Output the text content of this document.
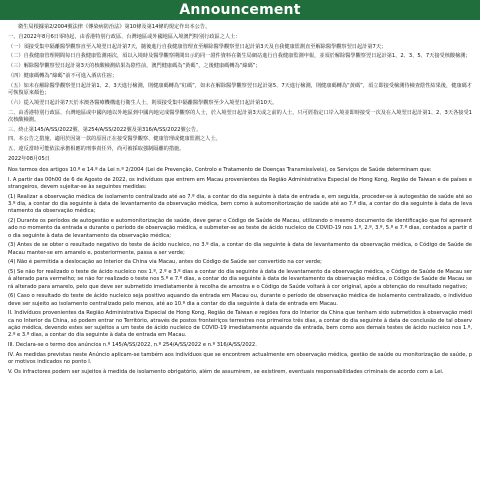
Announcement

衛生局根據第2/2004號法律《傳染病防治法》第10條及第14條的規定作出本公告。

一、自2022年8月6日零時起，由香港特別行政區、台灣地區或外國地區入境澳門特別行政區之人士：

（一）須接受集中隔離醫學觀察直至入境翌日起計第7天，隨後進行自我健康管理直至解除醫學觀察翌日起計第3天及自我健康監測直至解除醫學觀察翌日起計第7天；

（二）自我健康管理期間每日自我健康監測兩次，須以入境時及醫學觀察期間出示的同一證件資料在衛生局網站進行自我健康監測申報，並須於解除醫學觀察翌日起計第1、2、3、5、7天接受核酸檢測；

（三）解除醫學觀察翌日起計第3天的核酸檢測結果為陰性前，澳門健康碼為“黃碼”，之後健康碼轉為“綠碼”；

（四）健康碼轉為“綠碼”前不可進入酒店住宿；

（五）如未在解除醫學觀察翌日起計第1、2、3天進行檢測，則健康碼轉為“紅碼”，如未在解除醫學觀察翌日起計第5、7天進行檢測，則健康碼轉為“黃碼”，須立即接受檢測待檢查陰性結果後，健康碼才可恢復原來顏色；

（六）從入境翌日起計第7天於本澳各醫療機構進行衛生人士，則須接受集中隔離醫學觀察至少入境翌日起計第10天。

二、由香港特別行政區、台灣地區或中國內地以外地區到中國內地完成醫學觀察的人士，於入境翌日起計第3天或之前的人士，只可經指定口岸入境並即時接受一次及在入境翌日起計第1、2、3天各接受1次核酸檢測。

三、終止第145/A/SS/2022號、第254/A/SS/2022號及第316/A/SS/2022號公告。

四、本公告之措施，適用於因第一款的原因正在接受醫學觀察、健康管理或健康監測之人士。

五、違反當時可能依法承擔相應的刑事責任外，尚可被採取強制隔離的措施。

2022年08月05日

Nos termos dos artigos 10.º e 14.º da Lei n.º 2/2004 (Lei de Prevenção, Controlo e Tratamento de Doenças Transmissíveis), os Serviços de Saúde determinam que:

I. A partir das 00h00 de 6 de Agosto de 2022, os indivíduos que entrem em Macau provenientes da Região Administrativa Especial de Hong Kong, Região de Taiwan e de países estrangeiros, devem sujeitar-se às seguintes medidas:

(1) Realizar a observação médica de isolamento centralizado até ao 7.º dia, a contar do dia seguinte à data de entrada e, em seguida, proceder-se à autogestão de saúde até ao 3.º dia, a contar do dia seguinte à data de levantamento da observação médica, bem como à automonitorização de saúde até ao 7.º dia, a contar do dia seguinte à data de levantamento da observação médica;

(2) Durante os períodos de autogestão e automonitorização de saúde, deve gerar o Código de Saúde de Macau, utilizando o mesmo documento de identificação que foi apresentado no momento da entrada e durante o período de observação médica, e submeter-se ao teste de ácido nucleico de COVID-19 nos 1.º, 2.º, 3.º, 5.º e 7.º dias, contados a partir do dia seguinte à data de levantamento da observação médica;

(3) Antes de se obter o resultado negativo do teste de ácido nucleico, no 3.º dia, a contar do dia seguinte à data de levantamento da observação médica, o Código de Saúde de Macau manter-se em amarelo e, posteriormente, passa a ser verde;

(4) Não é permitida a deslocação ao Interior da China via Macau, antes do Código de Saúde ser convertido na cor verde;

(5) Se não for realizado o teste de ácido nucleico nos 1.º, 2.º e 3.º dias a contar do dia seguinte à data de levantamento da observação médica, o Código de Saúde de Macau será alterado para vermelho; se não for realizado o teste nos 5.º e 7.º dias, a contar do dia seguinte à data de levantamento da observação médica, o Código de Saúde de Macau será alterado para amarelo, pelo que deve ser submetido imediatamente à recolha de amostra e o Código de Saúde voltará à cor original, após a obtenção do resultado negativo;

(6) Caso o resultado do teste de ácido nucleico seja positivo aquando da entrada em Macau ou, durante o período de observação médica de isolamento centralizado, o indivíduo deve ser sujeito ao isolamento centralizado pelo menos, até ao 10.º dia a contar do dia seguinte à data de entrada em Macau.

II. Indivíduos provenientes da Região Administrativa Especial de Hong Kong, Região de Taiwan e regiões fora do Interior da China que tenham sido submetidos à observação médica no Interior da China, só podem entrar no Território, através de postos fronteiriços terrestres nos primeiros três dias, a contar do dia seguinte à data de conclusão de tal observação médica, devendo estes ser sujeitos a um teste de ácido nucleico de COVID-19 imediatamente aquando da entrada, bem como aos demais testes de ácido nucleico nos 1.º, 2.º e 3.º dias, a contar do dia seguinte à data de entrada em Macau.

III. Declara-se o termo dos anúncios n.º 145/A/SS/2022, n.º 254/A/SS/2022 e n.º 316/A/SS/2022.

IV. As medidas previstas neste Anúncio aplicam-se também aos indivíduos que se encontrem actualmente em observação médica, gestão de saúde ou monitorização de saúde, por motivos indicados no ponto I.

V. Os infractores podem ser sujeitos à medida de isolamento obrigatório, além de assumirem, se existirem, eventuais responsabilidades criminais de acordo com a Lei.
